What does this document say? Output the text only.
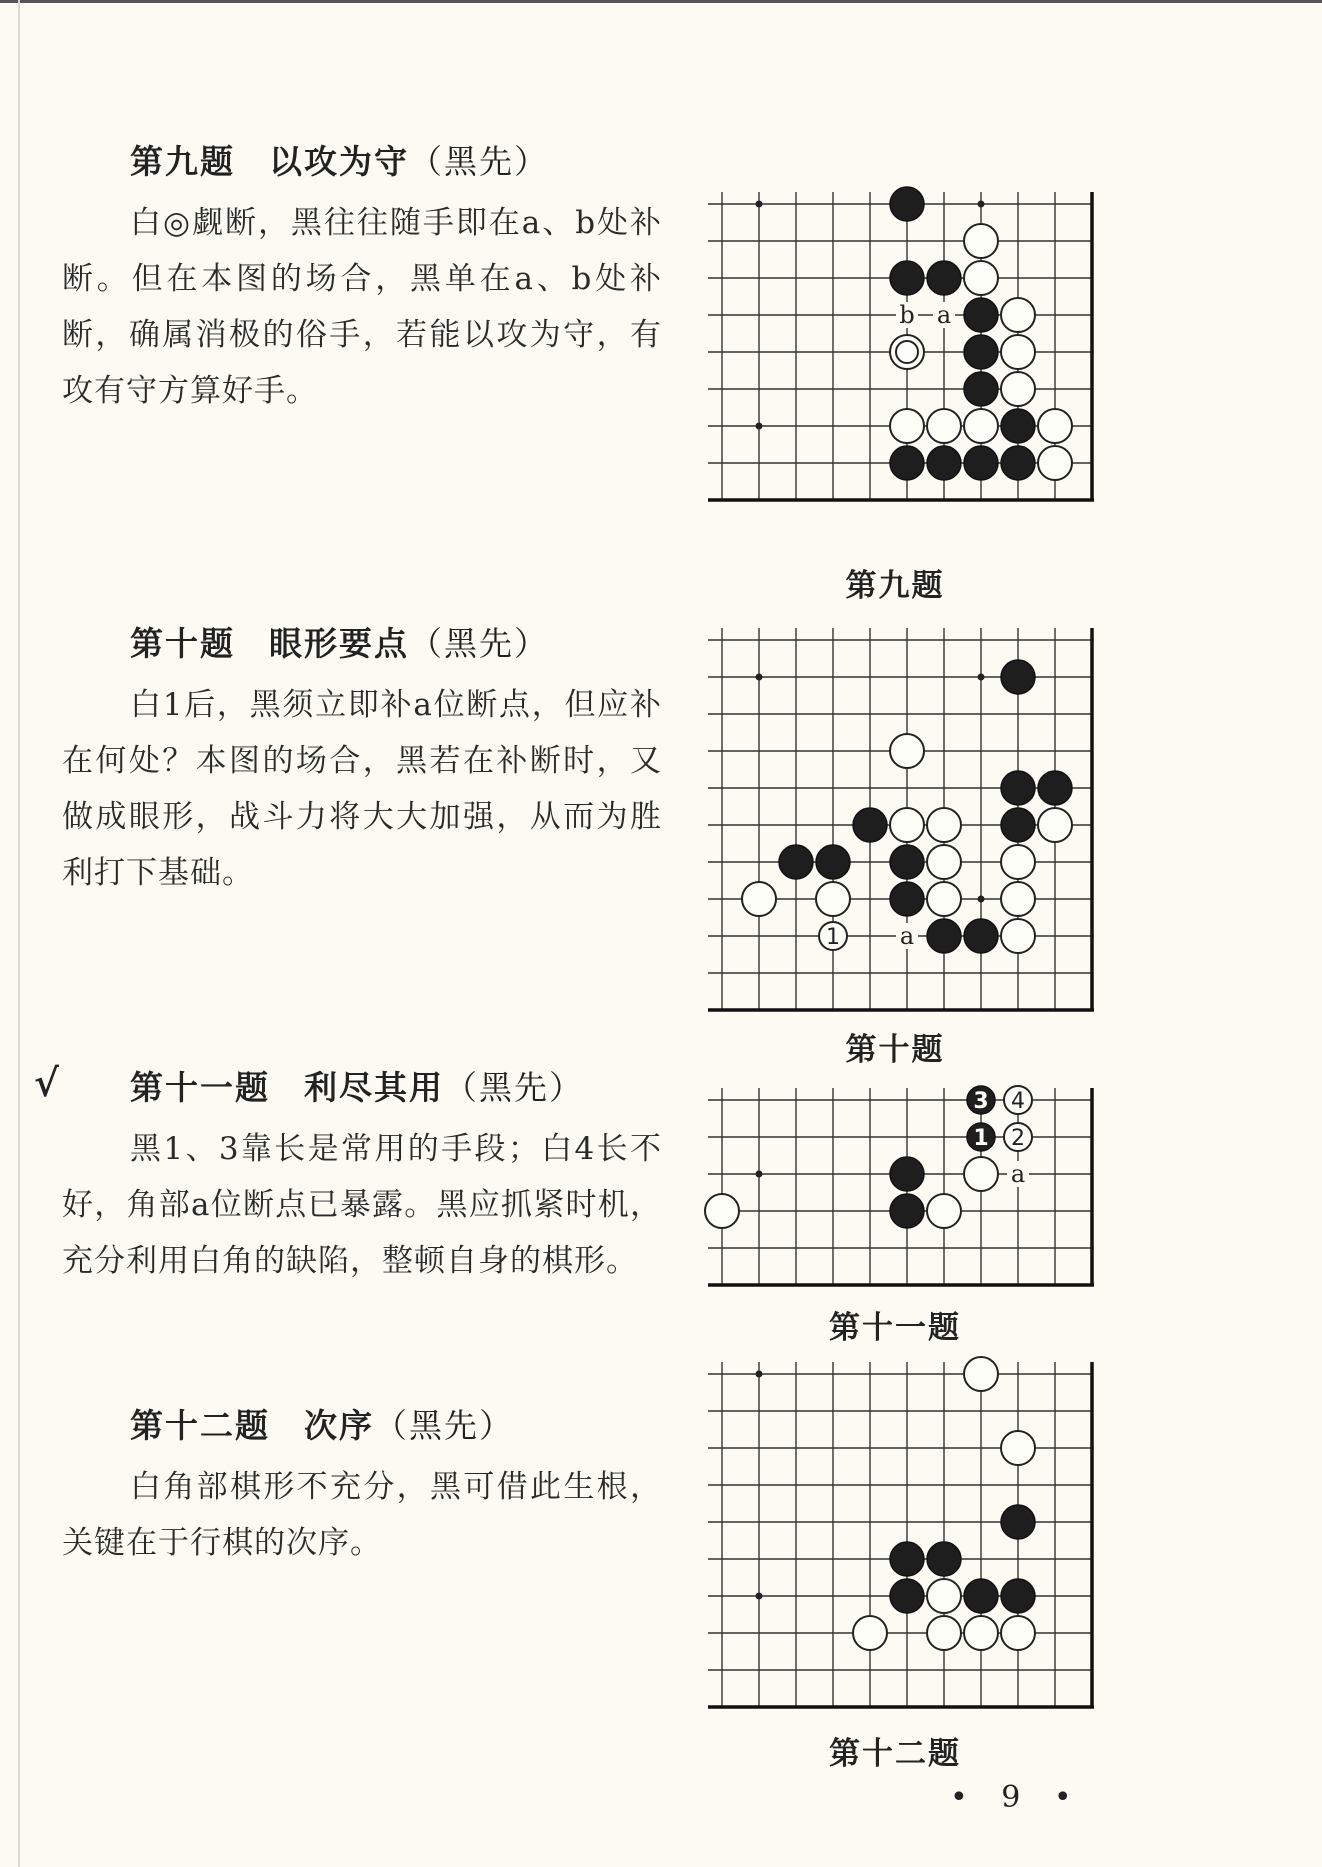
第九题 以攻为守（黑先）

白◎觑断，黑往往随手即在a、b处补断。但在本图的场合，黑单在a、b处补断，确属消极的俗手，若能以攻为守，有攻有守方算好手。

b a
第九题

第十题 眼形要点（黑先）

白1后，黑须立即补a位断点，但应补在何处？本图的场合，黑若在补断时，又做成眼形，战斗力将大大加强，从而为胜利打下基础。

a
1
第十题

√ 第十一题 利尽其用（黑先）

黑1、3靠长是常用的手段；白4长不好，角部a位断点已暴露。黑应抓紧时机，充分利用白角的缺陷，整顿自身的棋形。

a
3
1
4
2
第十一题

第十二题 次序（黑先）

白角部棋形不充分，黑可借此生根，关键在于行棋的次序。

第十二题
• 9 •
